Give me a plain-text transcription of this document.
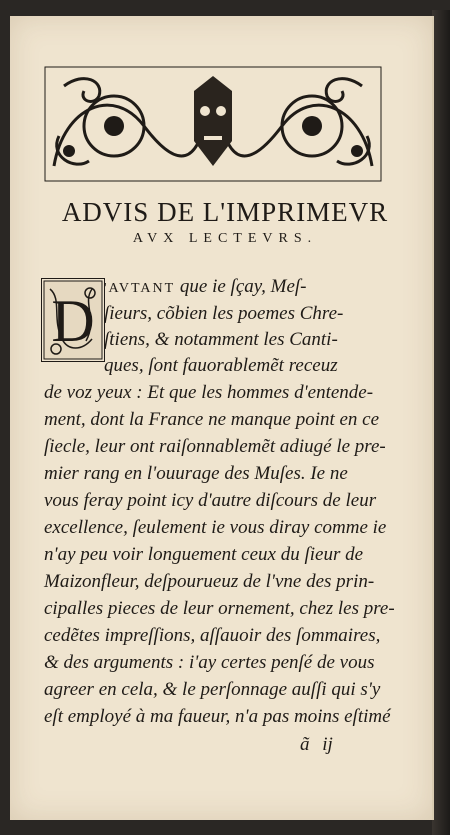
ADVIS DE L'IMPRIMEVR
AVX LECTEVRS.
D 'AVTANT que ie ſçay, Meſ-
ſieurs, cõbien les poemes Chre-
ſtiens, & notamment les Canti-
ques, ſont fauorablemẽt receuz
de voz yeux : Et que les hommes d'entende-
ment, dont la France ne manque point en ce
ſiecle, leur ont raiſonnablemẽt adiugé le pre-
mier rang en l'ouurage des Muſes. Ie ne
vous feray point icy d'autre diſcours de leur
excellence, ſeulement ie vous diray comme ie
n'ay peu voir longuement ceux du ſieur de
Maizonfleur, deſpourueuz de l'vne des prin-
cipalles pieces de leur ornement, chez les pre-
cedẽtes impreſſions, aſſauoir des ſommaires,
& des arguments : i'ay certes penſé de vous
agreer en cela, & le perſonnage auſſi qui s'y
eſt employé à ma faueur, n'a pas moins eſtimé
ã ij
